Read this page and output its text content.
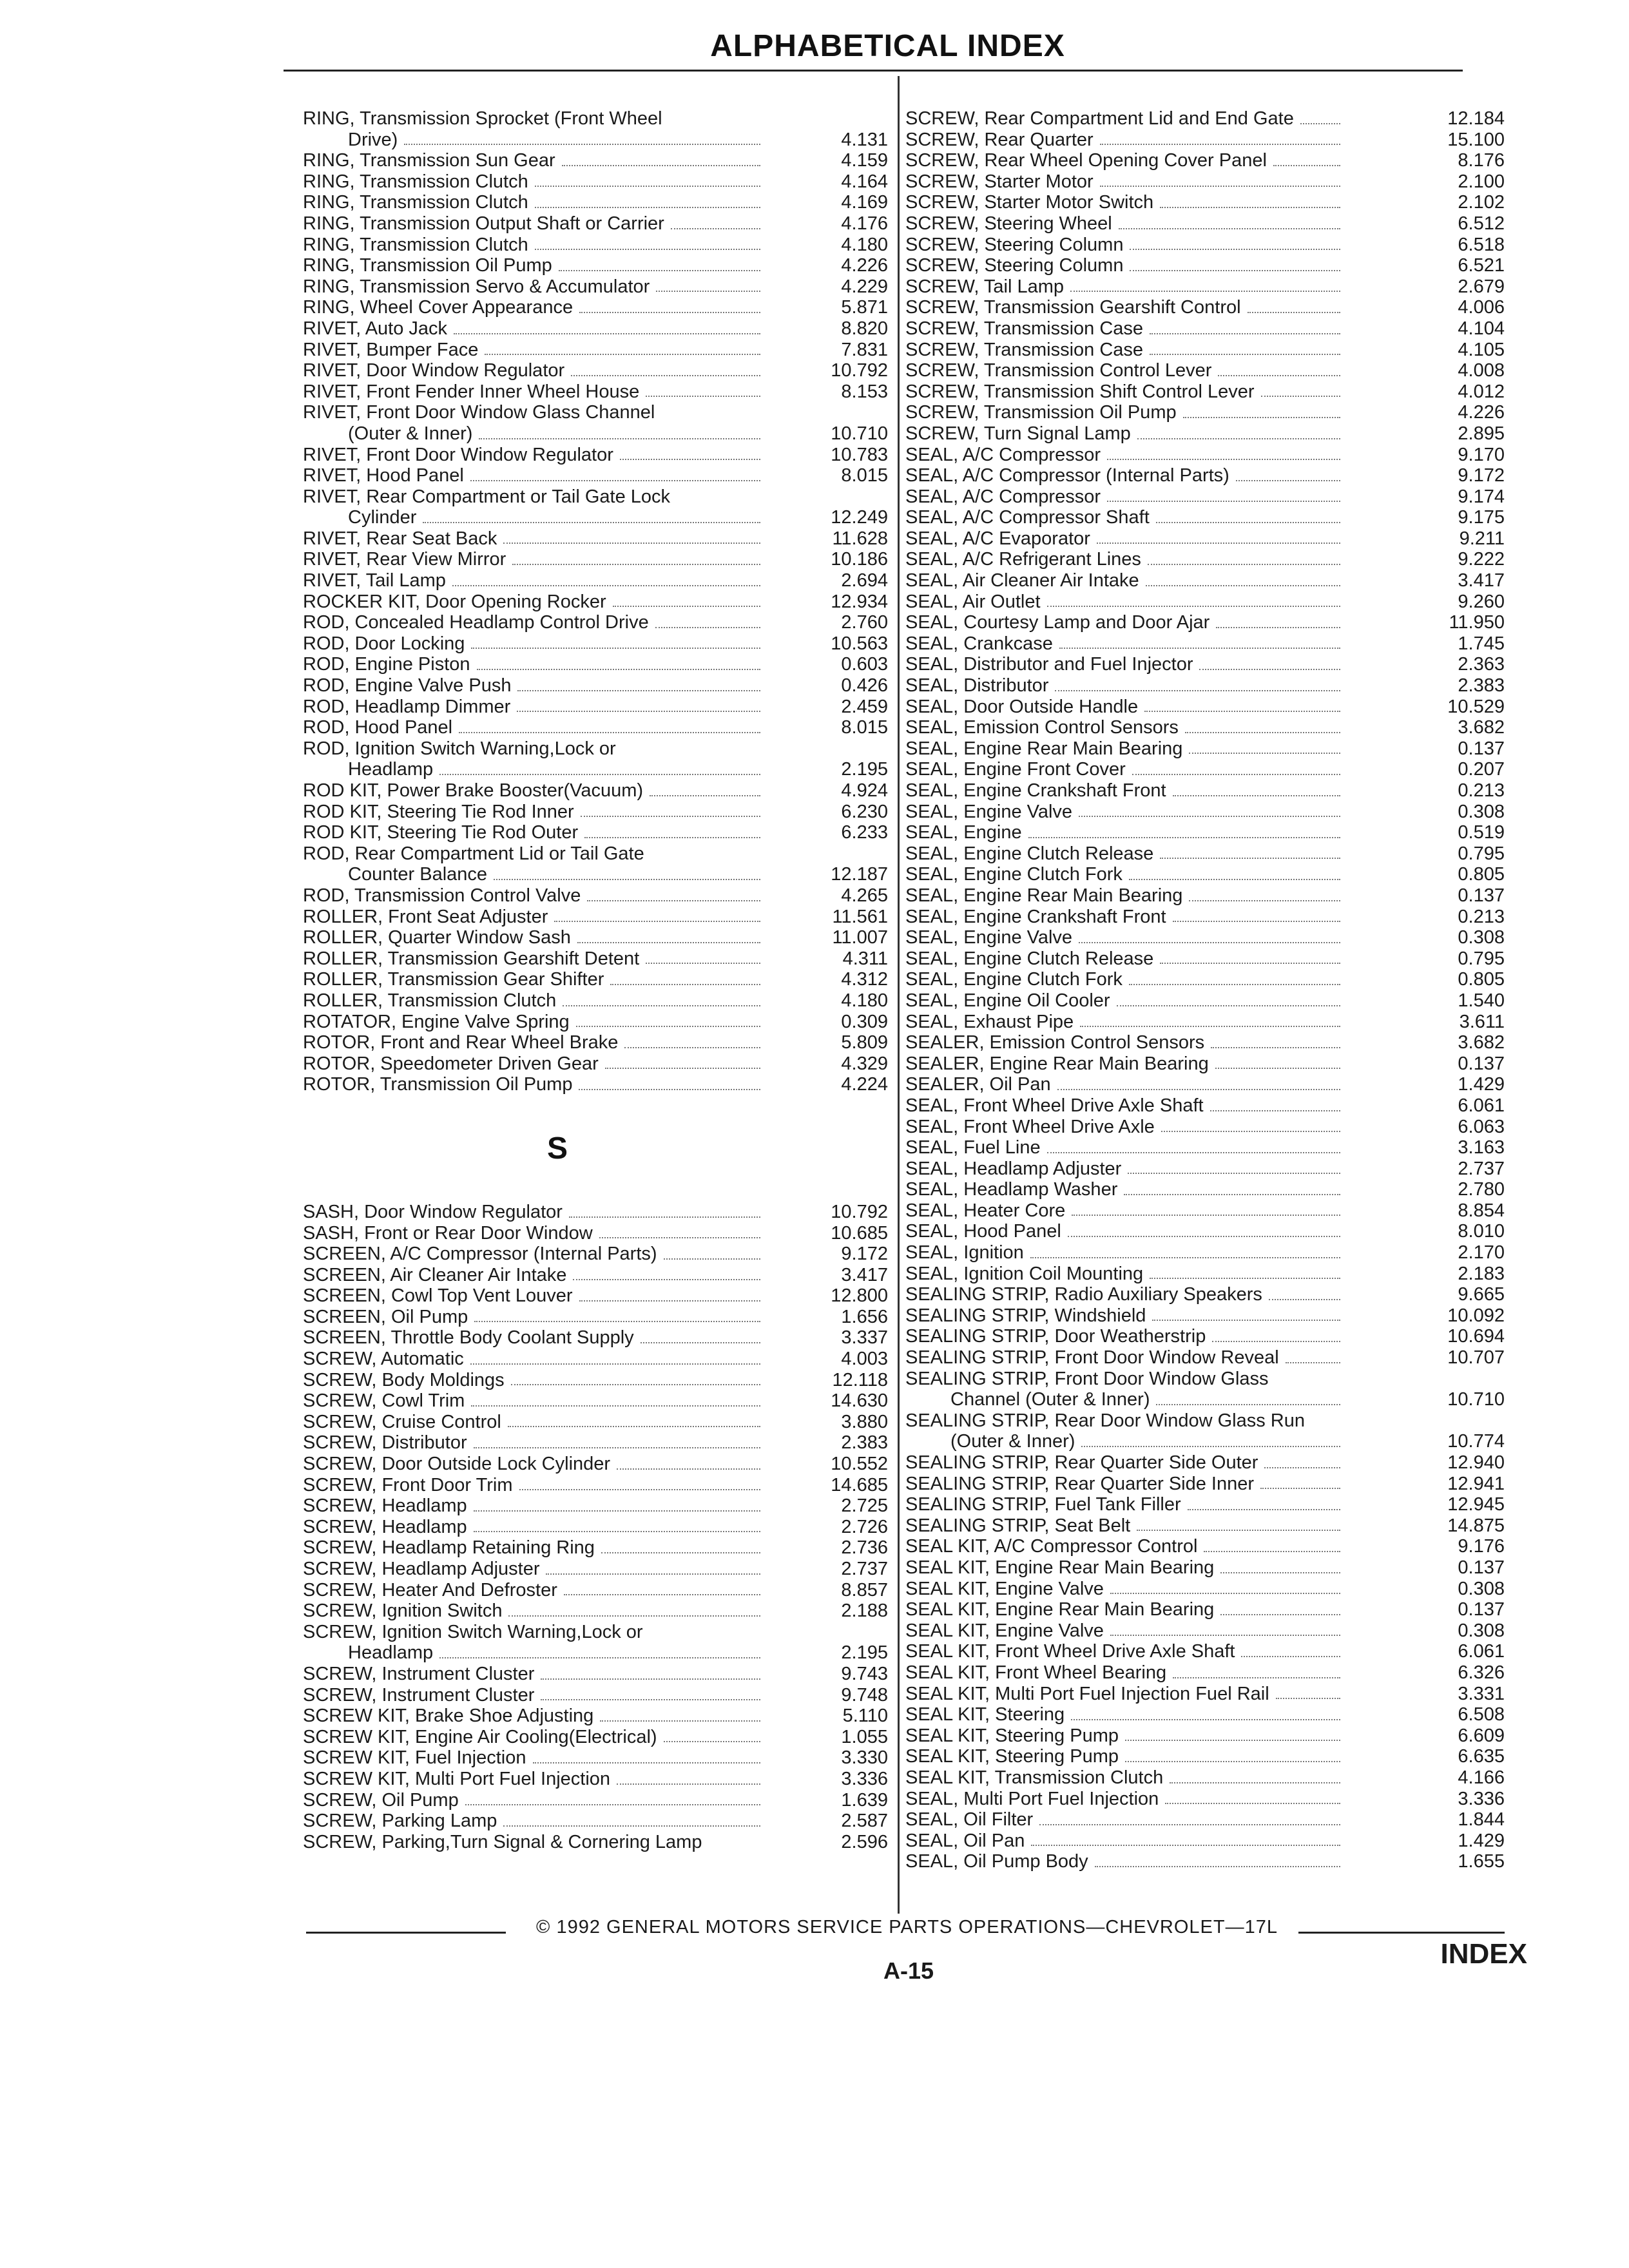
ALPHABETICAL INDEX
RING, Transmission Sprocket (Front Wheel
Drive)	4.131
RING, Transmission Sun Gear	4.159
RING, Transmission Clutch	4.164
RING, Transmission Clutch	4.169
RING, Transmission Output Shaft or Carrier	4.176
RING, Transmission Clutch	4.180
RING, Transmission Oil Pump	4.226
RING, Transmission Servo & Accumulator	4.229
RING, Wheel Cover Appearance	5.871
RIVET, Auto Jack	8.820
RIVET, Bumper Face	7.831
RIVET, Door Window Regulator	10.792
RIVET, Front Fender Inner Wheel House	8.153
RIVET, Front Door Window Glass Channel
(Outer & Inner)	10.710
RIVET, Front Door Window Regulator	10.783
RIVET, Hood Panel	8.015
RIVET, Rear Compartment or Tail Gate Lock
Cylinder	12.249
RIVET, Rear Seat Back	11.628
RIVET, Rear View Mirror	10.186
RIVET, Tail Lamp	2.694
ROCKER KIT, Door Opening Rocker	12.934
ROD, Concealed Headlamp Control Drive	2.760
ROD, Door Locking	10.563
ROD, Engine Piston	0.603
ROD, Engine Valve Push	0.426
ROD, Headlamp Dimmer	2.459
ROD, Hood Panel	8.015
ROD, Ignition Switch Warning,Lock or
Headlamp	2.195
ROD KIT, Power Brake Booster(Vacuum)	4.924
ROD KIT, Steering Tie Rod Inner	6.230
ROD KIT, Steering Tie Rod Outer	6.233
ROD, Rear Compartment Lid or Tail Gate
Counter Balance	12.187
ROD, Transmission Control Valve	4.265
ROLLER, Front Seat Adjuster	11.561
ROLLER, Quarter Window Sash	11.007
ROLLER, Transmission Gearshift Detent	4.311
ROLLER, Transmission Gear Shifter	4.312
ROLLER, Transmission Clutch	4.180
ROTATOR, Engine Valve Spring	0.309
ROTOR, Front and Rear Wheel Brake	5.809
ROTOR, Speedometer Driven Gear	4.329
ROTOR, Transmission Oil Pump	4.224
S
SASH, Door Window Regulator	10.792
SASH, Front or Rear Door Window	10.685
SCREEN, A/C Compressor (Internal Parts)	9.172
SCREEN, Air Cleaner Air Intake	3.417
SCREEN, Cowl Top Vent Louver	12.800
SCREEN, Oil Pump	1.656
SCREEN, Throttle Body Coolant Supply	3.337
SCREW, Automatic	4.003
SCREW, Body Moldings	12.118
SCREW, Cowl Trim	14.630
SCREW, Cruise Control	3.880
SCREW, Distributor	2.383
SCREW, Door Outside Lock Cylinder	10.552
SCREW, Front Door Trim	14.685
SCREW, Headlamp	2.725
SCREW, Headlamp	2.726
SCREW, Headlamp Retaining Ring	2.736
SCREW, Headlamp Adjuster	2.737
SCREW, Heater And Defroster	8.857
SCREW, Ignition Switch	2.188
SCREW, Ignition Switch Warning,Lock or
Headlamp	2.195
SCREW, Instrument Cluster	9.743
SCREW, Instrument Cluster	9.748
SCREW KIT, Brake Shoe Adjusting	5.110
SCREW KIT, Engine Air Cooling(Electrical)	1.055
SCREW KIT, Fuel Injection	3.330
SCREW KIT, Multi Port Fuel Injection	3.336
SCREW, Oil Pump	1.639
SCREW, Parking Lamp	2.587
SCREW, Parking,Turn Signal & Cornering Lamp	2.596
SCREW, Rear Compartment Lid and End Gate	12.184
SCREW, Rear Quarter	15.100
SCREW, Rear Wheel Opening Cover Panel	8.176
SCREW, Starter Motor	2.100
SCREW, Starter Motor Switch	2.102
SCREW, Steering Wheel	6.512
SCREW, Steering Column	6.518
SCREW, Steering Column	6.521
SCREW, Tail Lamp	2.679
SCREW, Transmission Gearshift Control	4.006
SCREW, Transmission Case	4.104
SCREW, Transmission Case	4.105
SCREW, Transmission Control Lever	4.008
SCREW, Transmission Shift Control Lever	4.012
SCREW, Transmission Oil Pump	4.226
SCREW, Turn Signal Lamp	2.895
SEAL, A/C Compressor	9.170
SEAL, A/C Compressor (Internal Parts)	9.172
SEAL, A/C Compressor	9.174
SEAL, A/C Compressor Shaft	9.175
SEAL, A/C Evaporator	9.211
SEAL, A/C Refrigerant Lines	9.222
SEAL, Air Cleaner Air Intake	3.417
SEAL, Air Outlet	9.260
SEAL, Courtesy Lamp and Door Ajar	11.950
SEAL, Crankcase	1.745
SEAL, Distributor and Fuel Injector	2.363
SEAL, Distributor	2.383
SEAL, Door Outside Handle	10.529
SEAL, Emission Control Sensors	3.682
SEAL, Engine Rear Main Bearing	0.137
SEAL, Engine Front Cover	0.207
SEAL, Engine Crankshaft Front	0.213
SEAL, Engine Valve	0.308
SEAL, Engine	0.519
SEAL, Engine Clutch Release	0.795
SEAL, Engine Clutch Fork	0.805
SEAL, Engine Rear Main Bearing	0.137
SEAL, Engine Crankshaft Front	0.213
SEAL, Engine Valve	0.308
SEAL, Engine Clutch Release	0.795
SEAL, Engine Clutch Fork	0.805
SEAL, Engine Oil Cooler	1.540
SEAL, Exhaust Pipe	3.611
SEALER, Emission Control Sensors	3.682
SEALER, Engine Rear Main Bearing	0.137
SEALER, Oil Pan	1.429
SEAL, Front Wheel Drive Axle Shaft	6.061
SEAL, Front Wheel Drive Axle	6.063
SEAL, Fuel Line	3.163
SEAL, Headlamp Adjuster	2.737
SEAL, Headlamp Washer	2.780
SEAL, Heater Core	8.854
SEAL, Hood Panel	8.010
SEAL, Ignition	2.170
SEAL, Ignition Coil Mounting	2.183
SEALING STRIP, Radio Auxiliary Speakers	9.665
SEALING STRIP, Windshield	10.092
SEALING STRIP, Door Weatherstrip	10.694
SEALING STRIP, Front Door Window Reveal	10.707
SEALING STRIP, Front Door Window Glass
Channel (Outer & Inner)	10.710
SEALING STRIP, Rear Door Window Glass Run
(Outer & Inner)	10.774
SEALING STRIP, Rear Quarter Side Outer	12.940
SEALING STRIP, Rear Quarter Side Inner	12.941
SEALING STRIP, Fuel Tank Filler	12.945
SEALING STRIP, Seat Belt	14.875
SEAL KIT, A/C Compressor Control	9.176
SEAL KIT, Engine Rear Main Bearing	0.137
SEAL KIT, Engine Valve	0.308
SEAL KIT, Engine Rear Main Bearing	0.137
SEAL KIT, Engine Valve	0.308
SEAL KIT, Front Wheel Drive Axle Shaft	6.061
SEAL KIT, Front Wheel Bearing	6.326
SEAL KIT, Multi Port Fuel Injection Fuel Rail	3.331
SEAL KIT, Steering	6.508
SEAL KIT, Steering Pump	6.609
SEAL KIT, Steering Pump	6.635
SEAL KIT, Transmission Clutch	4.166
SEAL, Multi Port Fuel Injection	3.336
SEAL, Oil Filter	1.844
SEAL, Oil Pan	1.429
SEAL, Oil Pump Body	1.655
© 1992 GENERAL MOTORS SERVICE PARTS OPERATIONS—CHEVROLET—17L
A-15
INDEX
